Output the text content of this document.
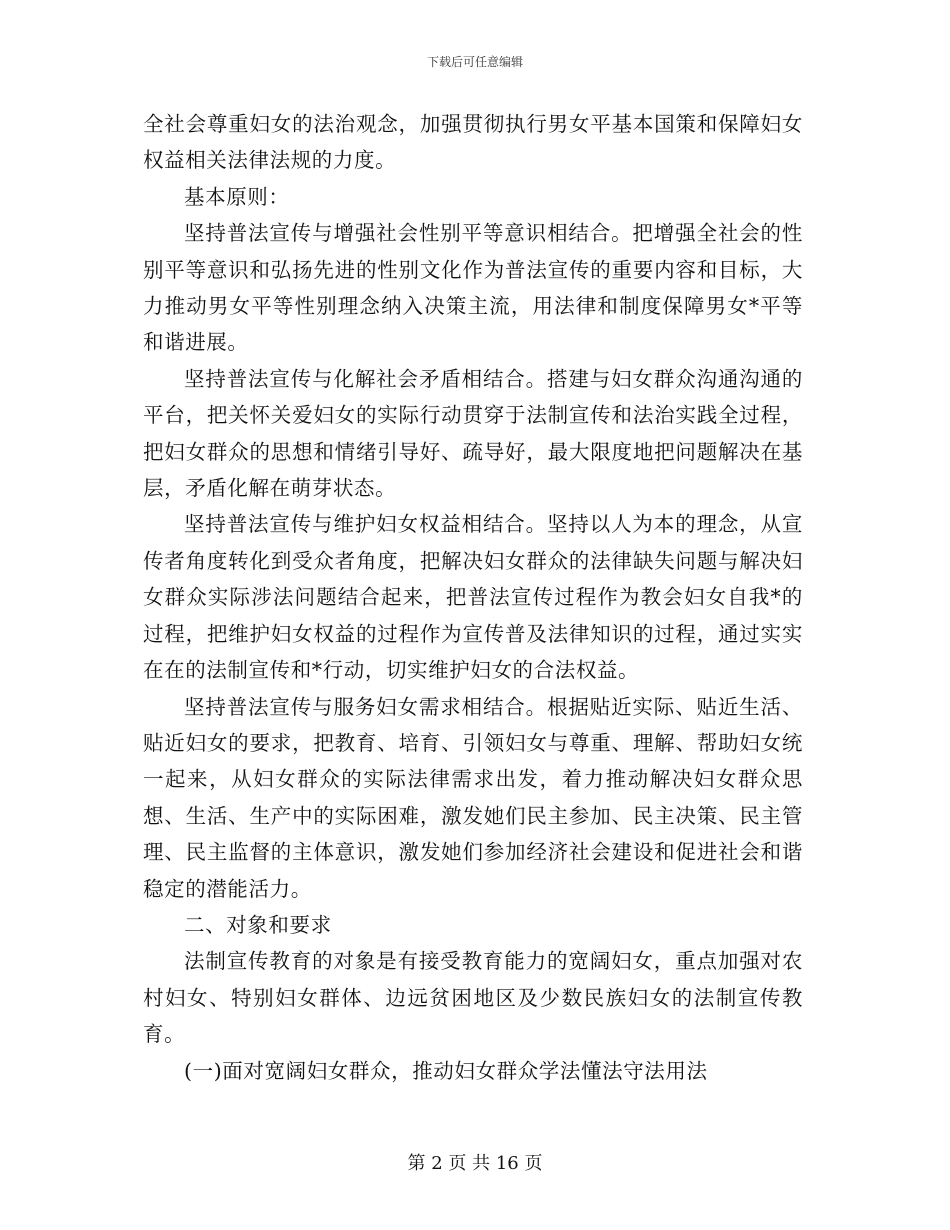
下载后可任意编辑

全社会尊重妇女的法治观念，加强贯彻执行男女平基本国策和保障妇女权益相关法律法规的力度。

基本原则：

坚持普法宣传与增强社会性别平等意识相结合。把增强全社会的性别平等意识和弘扬先进的性别文化作为普法宣传的重要内容和目标，大力推动男女平等性别理念纳入决策主流，用法律和制度保障男女*平等和谐进展。

坚持普法宣传与化解社会矛盾相结合。搭建与妇女群众沟通沟通的平台，把关怀关爱妇女的实际行动贯穿于法制宣传和法治实践全过程，把妇女群众的思想和情绪引导好、疏导好，最大限度地把问题解决在基层，矛盾化解在萌芽状态。

坚持普法宣传与维护妇女权益相结合。坚持以人为本的理念，从宣传者角度转化到受众者角度，把解决妇女群众的法律缺失问题与解决妇女群众实际涉法问题结合起来，把普法宣传过程作为教会妇女自我*的过程，把维护妇女权益的过程作为宣传普及法律知识的过程，通过实实在在的法制宣传和*行动，切实维护妇女的合法权益。

坚持普法宣传与服务妇女需求相结合。根据贴近实际、贴近生活、贴近妇女的要求，把教育、培育、引领妇女与尊重、理解、帮助妇女统一起来，从妇女群众的实际法律需求出发，着力推动解决妇女群众思想、生活、生产中的实际困难，激发她们民主参加、民主决策、民主管理、民主监督的主体意识，激发她们参加经济社会建设和促进社会和谐稳定的潜能活力。

二、对象和要求

法制宣传教育的对象是有接受教育能力的宽阔妇女，重点加强对农村妇女、特别妇女群体、边远贫困地区及少数民族妇女的法制宣传教育。

(一)面对宽阔妇女群众，推动妇女群众学法懂法守法用法

第 2 页 共 16 页
